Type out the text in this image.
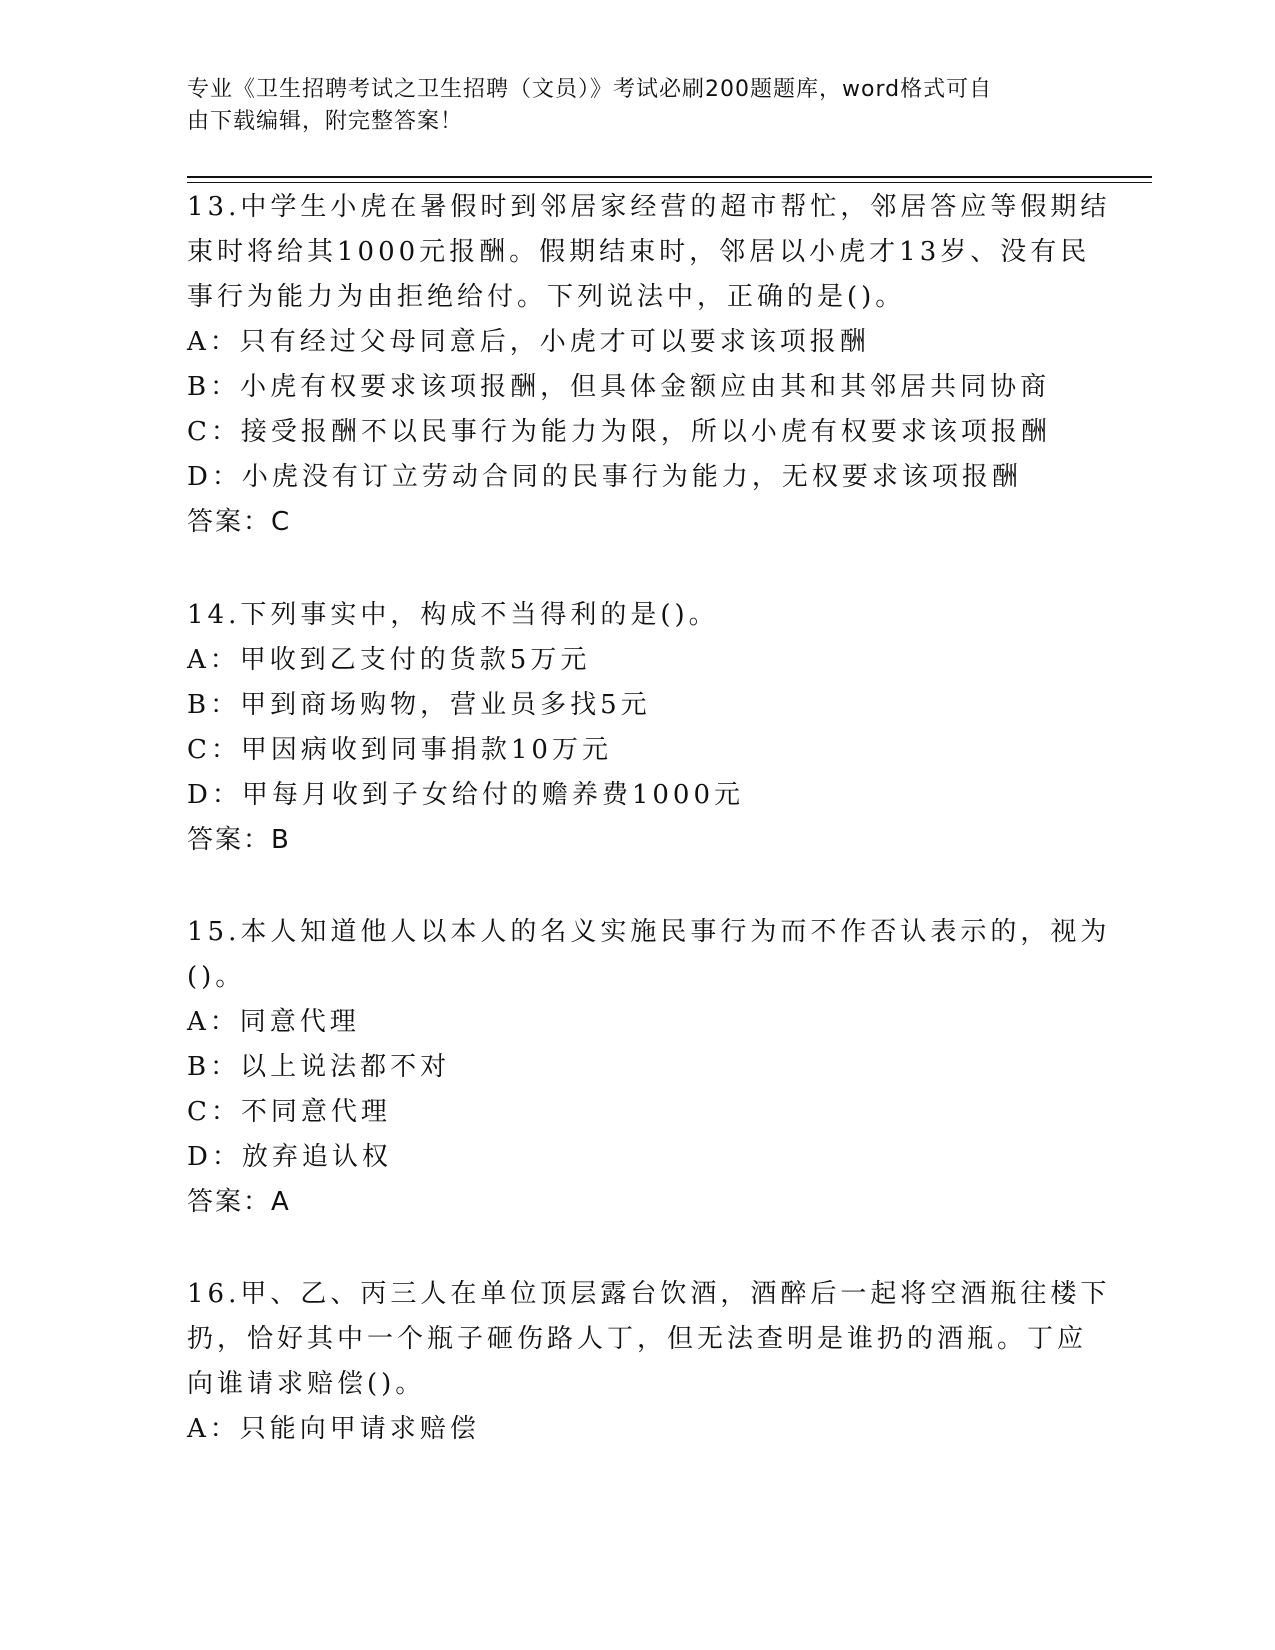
专业《卫生招聘考试之卫生招聘（文员）》考试必刷200题题库，word格式可自
由下载编辑，附完整答案！
13.中学生小虎在暑假时到邻居家经营的超市帮忙，邻居答应等假期结
束时将给其1000元报酬。假期结束时，邻居以小虎才13岁、没有民
事行为能力为由拒绝给付。下列说法中，正确的是()。
A：只有经过父母同意后，小虎才可以要求该项报酬
B：小虎有权要求该项报酬，但具体金额应由其和其邻居共同协商
C：接受报酬不以民事行为能力为限，所以小虎有权要求该项报酬
D：小虎没有订立劳动合同的民事行为能力，无权要求该项报酬
答案：C
14.下列事实中，构成不当得利的是()。
A：甲收到乙支付的货款5万元
B：甲到商场购物，营业员多找5元
C：甲因病收到同事捐款10万元
D：甲每月收到子女给付的赡养费1000元
答案：B
15.本人知道他人以本人的名义实施民事行为而不作否认表示的，视为
()。
A：同意代理
B：以上说法都不对
C：不同意代理
D：放弃追认权
答案：A
16.甲、乙、丙三人在单位顶层露台饮酒，酒醉后一起将空酒瓶往楼下
扔，恰好其中一个瓶子砸伤路人丁，但无法查明是谁扔的酒瓶。丁应
向谁请求赔偿()。
A：只能向甲请求赔偿
